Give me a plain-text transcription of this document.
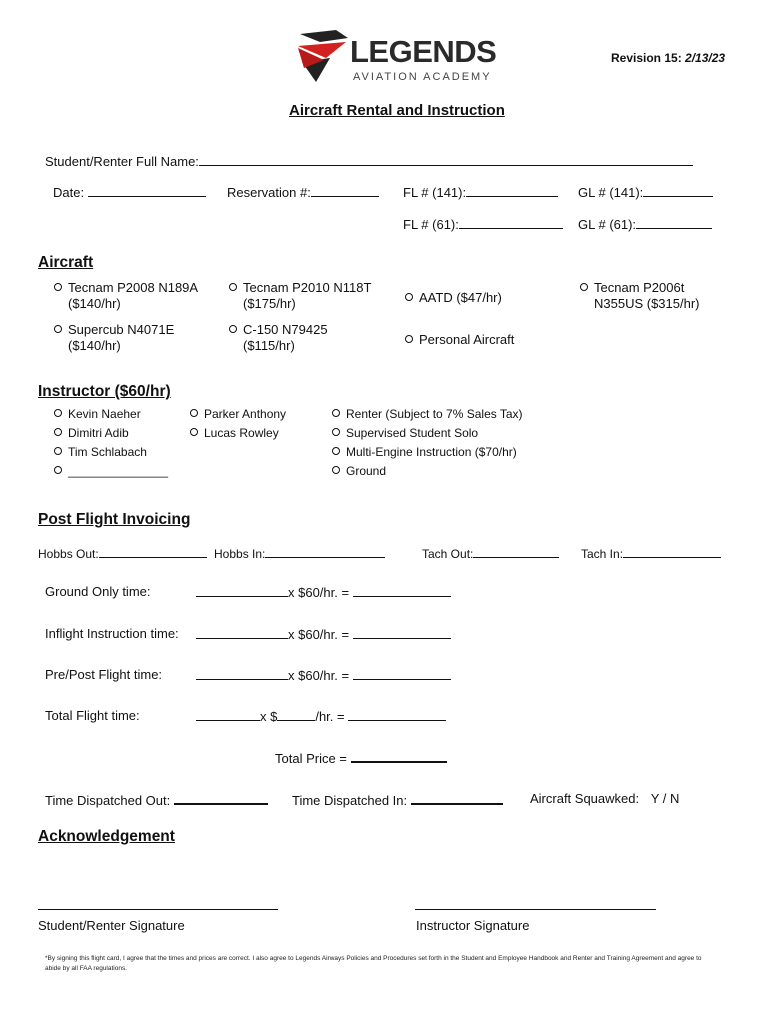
LEGENDS
AVIATION ACADEMY
Revision 15: 2/13/23
Aircraft Rental and Instruction
Student/Renter Full Name:
Date:	Reservation #:	FL # (141):	GL # (141):
FL # (61):	GL # (61):
Aircraft
Tecnam P2008 N189A
($140/hr)
Supercub N4071E
($140/hr)
Tecnam P2010 N118T
($175/hr)
C-150 N79425
($115/hr)
AATD ($47/hr)
Personal Aircraft
Tecnam P2006t
N355US ($315/hr)
Instructor ($60/hr)
Kevin Naeher
Dimitri Adib
Tim Schlabach
_______________
Parker Anthony
Lucas Rowley
Renter (Subject to 7% Sales Tax)
Supervised Student Solo
Multi-Engine Instruction ($70/hr)
Ground
Post Flight Invoicing
Hobbs Out:	Hobbs In:	Tach Out:	Tach In:
Ground Only time:	x $60/hr. =
Inflight Instruction time:	x $60/hr. =
Pre/Post Flight time:	x $60/hr. =
Total Flight time:	x $	/hr. =
Total Price =
Time Dispatched Out:	Time Dispatched In:	Aircraft Squawked: Y / N
Acknowledgement
Student/Renter Signature	Instructor Signature
*By signing this flight card, I agree that the times and prices are correct. I also agree to Legends Airways Policies and Procedures set forth in the Student and Employee Handbook and Renter and Training Agreement and agree to abide by all FAA regulations.
